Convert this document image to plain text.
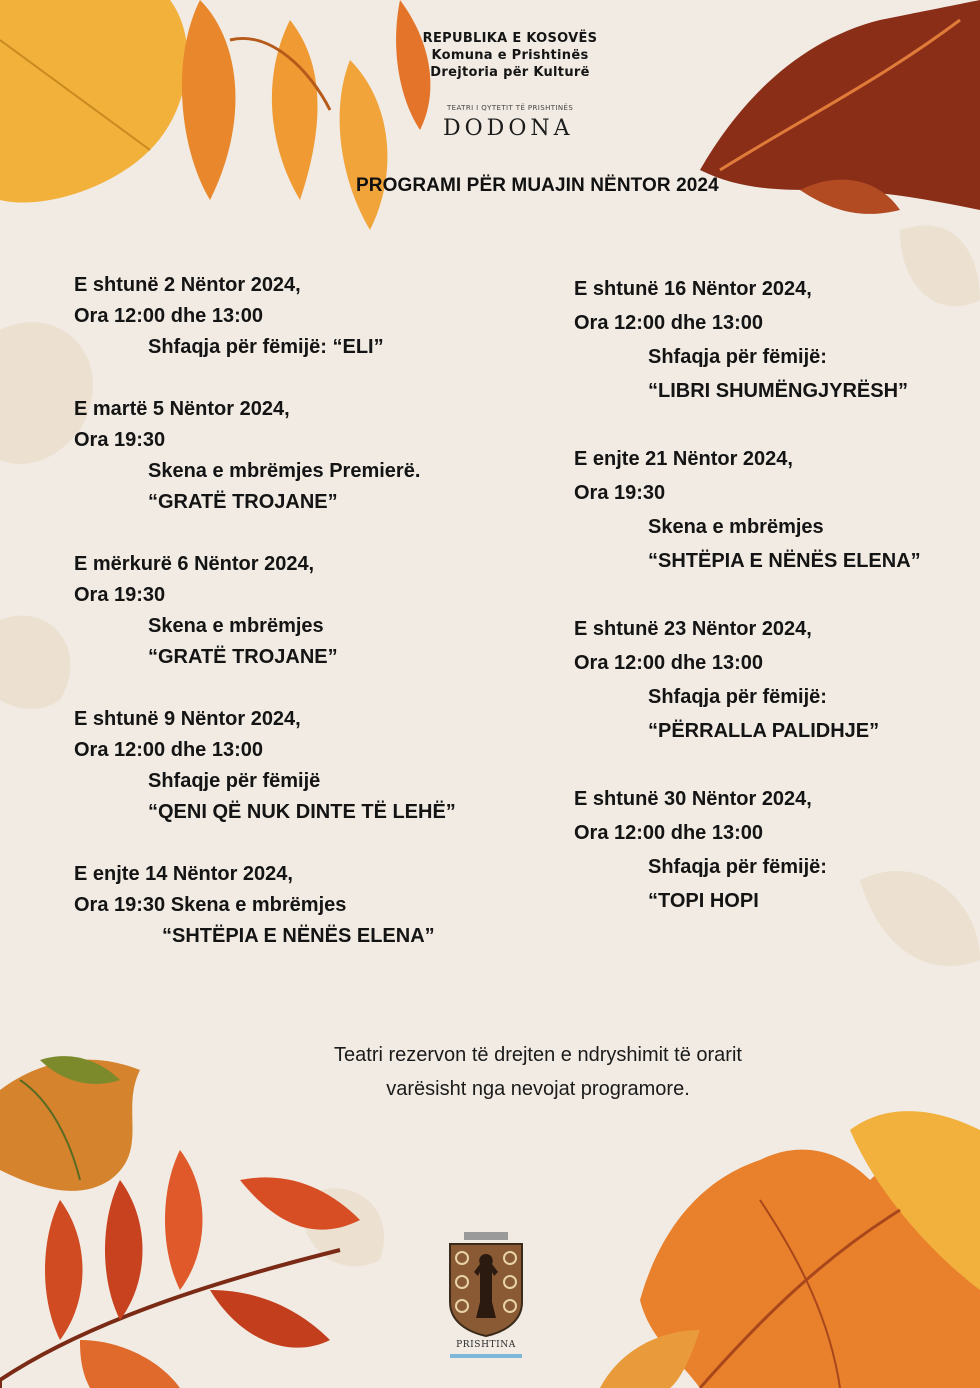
REPUBLIKA E KOSOVËS
Komuna e Prishtinës
Drejtoria për Kulturë
TEATRI I QYTETIT TË PRISHTINËS
DODONA
PROGRAMI PËR MUAJIN NËNTOR 2024
E shtunë 2 Nëntor 2024,
Ora 12:00 dhe 13:00
Shfaqja për fëmijë: “ELI”
E martë 5 Nëntor 2024,
Ora 19:30
Skena e mbrëmjes Premierë.
“GRATË TROJANE”
E mërkurë 6 Nëntor 2024,
Ora 19:30
Skena e mbrëmjes
“GRATË TROJANE”
E shtunë 9 Nëntor 2024,
Ora 12:00 dhe 13:00
Shfaqje për fëmijë
“QENI QË NUK DINTE TË LEHË”
E enjte 14 Nëntor 2024,
Ora 19:30 Skena e mbrëmjes
“SHTËPIA E NËNËS ELENA”
E shtunë 16 Nëntor 2024,
Ora 12:00 dhe 13:00
Shfaqja për fëmijë:
“LIBRI SHUMËNGJYRËSH”
E enjte 21 Nëntor 2024,
Ora 19:30
Skena e mbrëmjes
“SHTËPIA E NËNËS ELENA”
E shtunë 23 Nëntor 2024,
Ora 12:00 dhe 13:00
Shfaqja për fëmijë:
“PËRRALLA PALIDHJE”
E shtunë 30 Nëntor 2024,
Ora 12:00 dhe 13:00
Shfaqja për fëmijë:
“TOPI HOPI
Teatri rezervon të drejten e ndryshimit të orarit
varësisht nga nevojat programore.
PRISHTINA
